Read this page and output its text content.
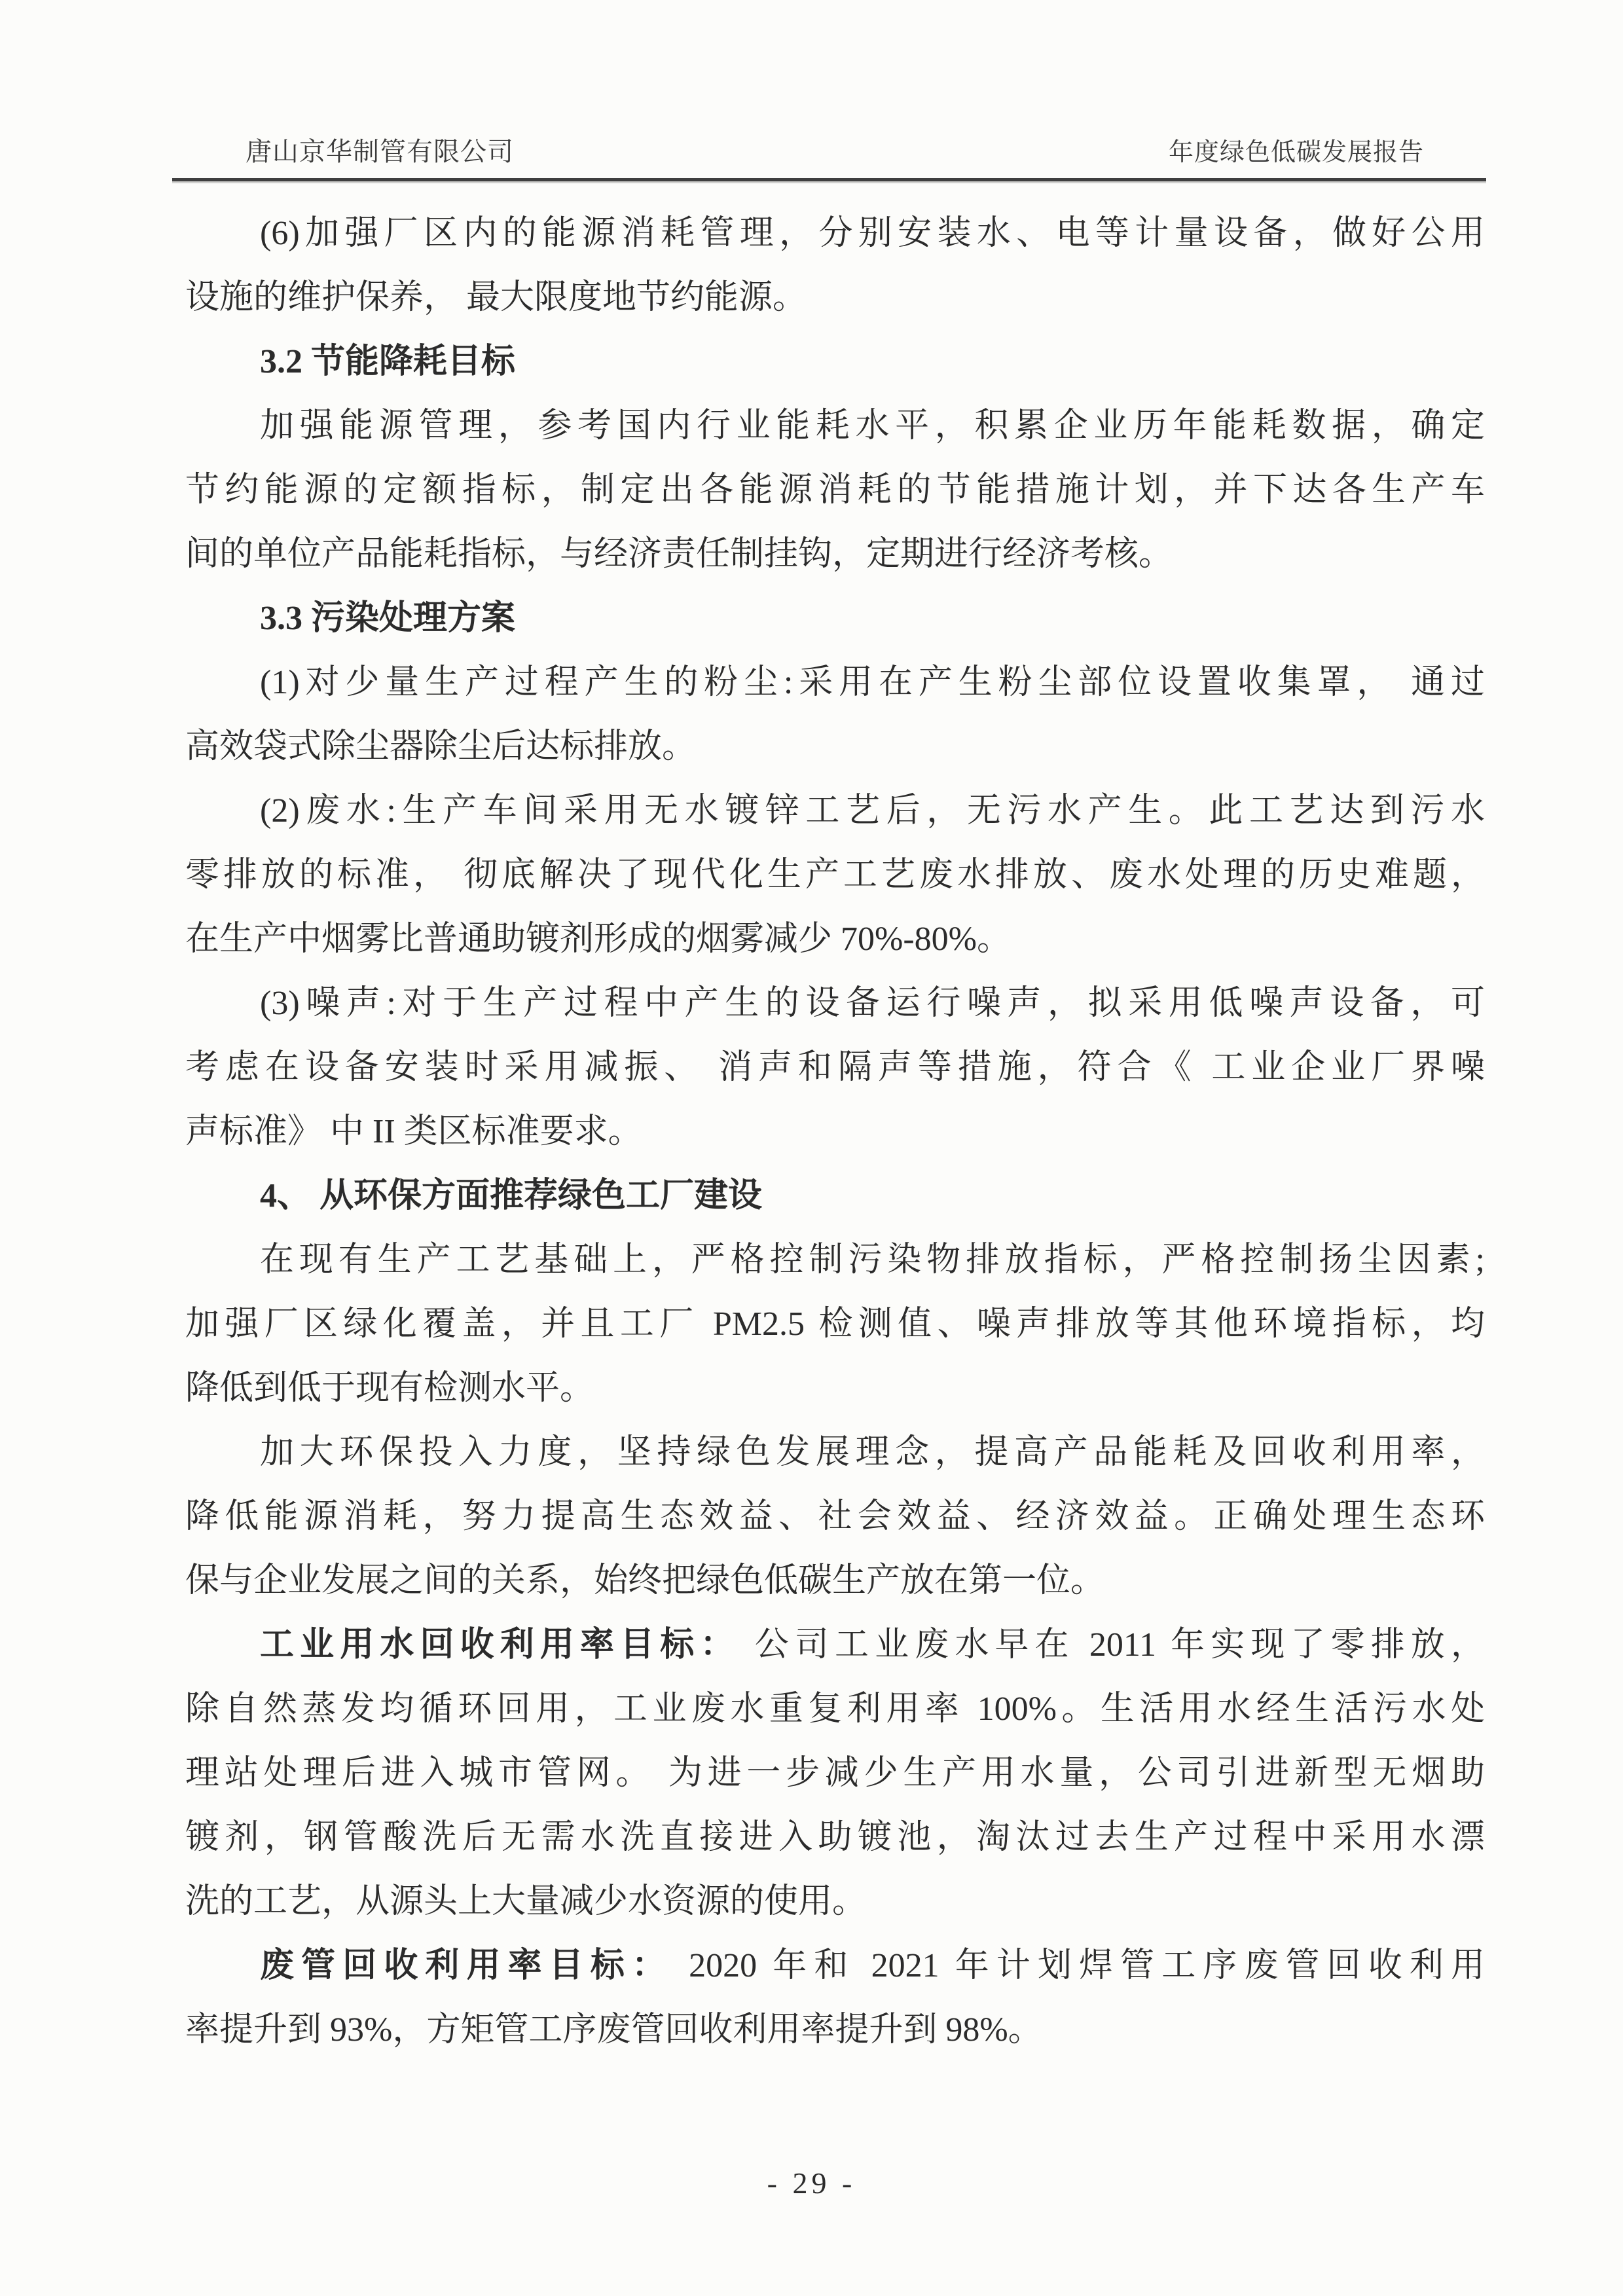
唐山京华制管有限公司	年度绿色低碳发展报告
(6)加强厂区内的能源消耗管理，分别安装水、电等计量设备，做好公用
设施的维护保养， 最大限度地节约能源。
3.2 节能降耗目标
加强能源管理，参考国内行业能耗水平，积累企业历年能耗数据，确定
节约能源的定额指标，制定出各能源消耗的节能措施计划，并下达各生产车
间的单位产品能耗指标，与经济责任制挂钩，定期进行经济考核。
3.3 污染处理方案
(1)对少量生产过程产生的粉尘:采用在产生粉尘部位设置收集罩， 通过
高效袋式除尘器除尘后达标排放。
(2)废水:生产车间采用无水镀锌工艺后，无污水产生。此工艺达到污水
零排放的标准， 彻底解决了现代化生产工艺废水排放、废水处理的历史难题，
在生产中烟雾比普通助镀剂形成的烟雾减少 70%-80%。
(3)噪声:对于生产过程中产生的设备运行噪声，拟采用低噪声设备，可
考虑在设备安装时采用减振、 消声和隔声等措施，符合《 工业企业厂界噪
声标准》 中 II 类区标准要求。
4、 从环保方面推荐绿色工厂建设
在现有生产工艺基础上，严格控制污染物排放指标，严格控制扬尘因素;
加强厂区绿化覆盖，并且工厂 PM2.5 检测值、噪声排放等其他环境指标，均
降低到低于现有检测水平。
加大环保投入力度，坚持绿色发展理念，提高产品能耗及回收利用率，
降低能源消耗，努力提高生态效益、社会效益、经济效益。正确处理生态环
保与企业发展之间的关系，始终把绿色低碳生产放在第一位。
工业用水回收利用率目标： 公司工业废水早在 2011 年实现了零排放，
除自然蒸发均循环回用，工业废水重复利用率 100%。生活用水经生活污水处
理站处理后进入城市管网。 为进一步减少生产用水量，公司引进新型无烟助
镀剂，钢管酸洗后无需水洗直接进入助镀池，淘汰过去生产过程中采用水漂
洗的工艺，从源头上大量减少水资源的使用。
废管回收利用率目标： 2020 年和 2021 年计划焊管工序废管回收利用
率提升到 93%，方矩管工序废管回收利用率提升到 98%。
- 29 -
